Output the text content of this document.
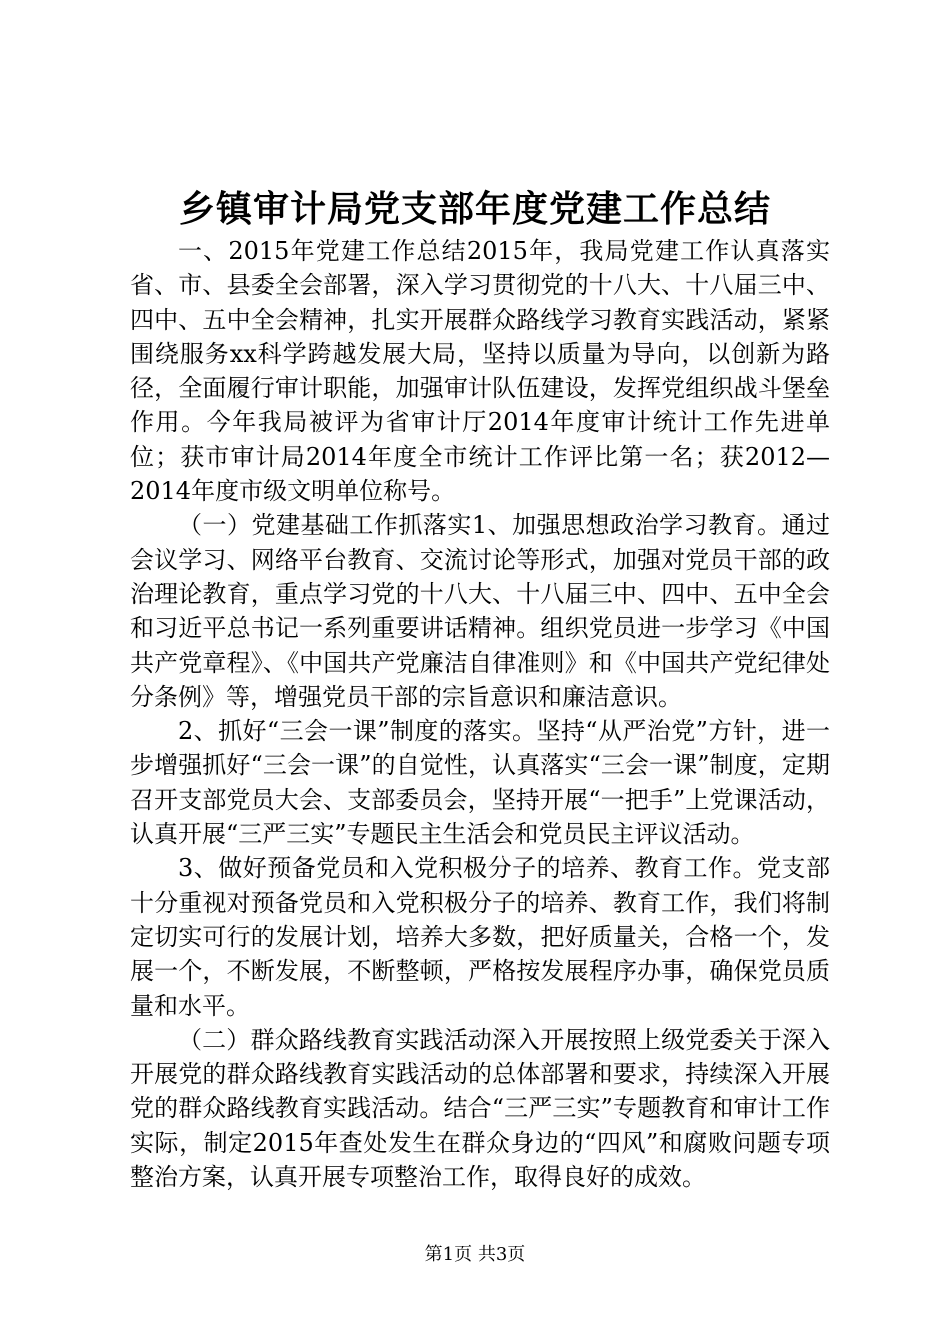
乡镇审计局党支部年度党建工作总结

一、2015年党建工作总结2015年，我局党建工作认真落实省、市、县委全会部署，深入学习贯彻党的十八大、十八届三中、四中、五中全会精神，扎实开展群众路线学习教育实践活动，紧紧围绕服务xx科学跨越发展大局，坚持以质量为导向，以创新为路径，全面履行审计职能，加强审计队伍建设，发挥党组织战斗堡垒作用。今年我局被评为省审计厅2014年度审计统计工作先进单位；获市审计局2014年度全市统计工作评比第一名；获2012—2014年度市级文明单位称号。

（一）党建基础工作抓落实1、加强思想政治学习教育。通过会议学习、网络平台教育、交流讨论等形式，加强对党员干部的政治理论教育，重点学习党的十八大、十八届三中、四中、五中全会和习近平总书记一系列重要讲话精神。组织党员进一步学习《中国共产党章程》、《中国共产党廉洁自律准则》和《中国共产党纪律处分条例》等，增强党员干部的宗旨意识和廉洁意识。

2、抓好“三会一课”制度的落实。坚持“从严治党”方针，进一步增强抓好“三会一课”的自觉性，认真落实“三会一课”制度，定期召开支部党员大会、支部委员会，坚持开展“一把手”上党课活动，认真开展“三严三实”专题民主生活会和党员民主评议活动。

3、做好预备党员和入党积极分子的培养、教育工作。党支部十分重视对预备党员和入党积极分子的培养、教育工作，我们将制定切实可行的发展计划，培养大多数，把好质量关，合格一个，发展一个，不断发展，不断整顿，严格按发展程序办事，确保党员质量和水平。

（二）群众路线教育实践活动深入开展按照上级党委关于深入开展党的群众路线教育实践活动的总体部署和要求，持续深入开展党的群众路线教育实践活动。结合“三严三实”专题教育和审计工作实际，制定2015年查处发生在群众身边的“四风”和腐败问题专项整治方案，认真开展专项整治工作，取得良好的成效。

第1页 共3页
